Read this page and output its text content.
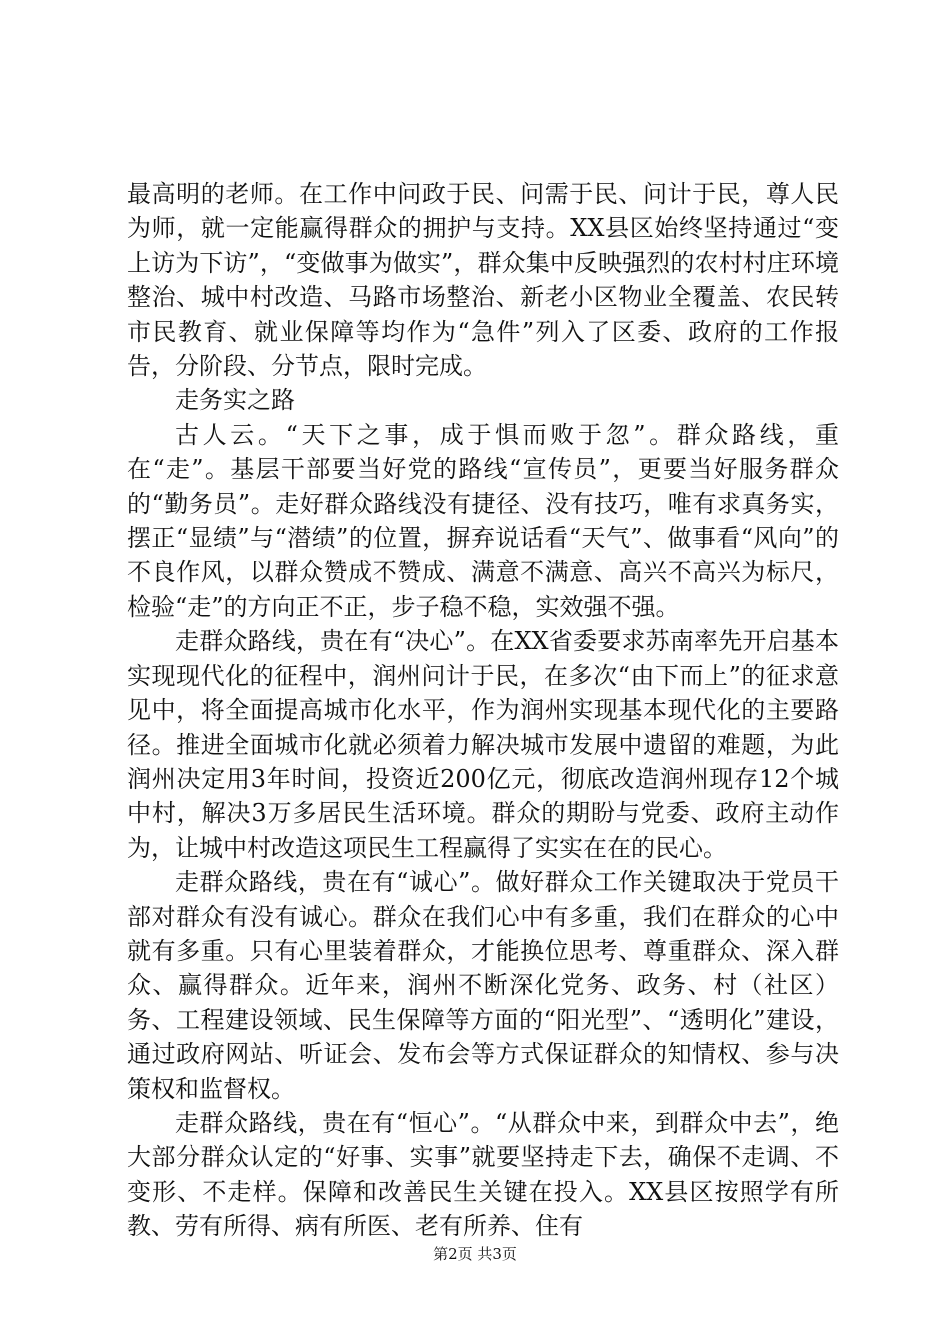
最高明的老师。在工作中问政于民、问需于民、问计于民，尊人民为师，就一定能赢得群众的拥护与支持。XX县区始终坚持通过“变上访为下访”，“变做事为做实”，群众集中反映强烈的农村村庄环境整治、城中村改造、马路市场整治、新老小区物业全覆盖、农民转市民教育、就业保障等均作为“急件”列入了区委、政府的工作报告，分阶段、分节点，限时完成。

走务实之路

古人云。“天下之事，成于惧而败于忽”。群众路线，重在“走”。基层干部要当好党的路线“宣传员”，更要当好服务群众的“勤务员”。走好群众路线没有捷径、没有技巧，唯有求真务实，摆正“显绩”与“潜绩”的位置，摒弃说话看“天气”、做事看“风向”的不良作风，以群众赞成不赞成、满意不满意、高兴不高兴为标尺，检验“走”的方向正不正，步子稳不稳，实效强不强。

走群众路线，贵在有“决心”。在XX省委要求苏南率先开启基本实现现代化的征程中，润州问计于民，在多次“由下而上”的征求意见中，将全面提高城市化水平，作为润州实现基本现代化的主要路径。推进全面城市化就必须着力解决城市发展中遗留的难题，为此润州决定用3年时间，投资近200亿元，彻底改造润州现存12个城中村，解决3万多居民生活环境。群众的期盼与党委、政府主动作为，让城中村改造这项民生工程赢得了实实在在的民心。

走群众路线，贵在有“诚心”。做好群众工作关键取决于党员干部对群众有没有诚心。群众在我们心中有多重，我们在群众的心中就有多重。只有心里装着群众，才能换位思考、尊重群众、深入群众、赢得群众。近年来，润州不断深化党务、政务、村（社区）务、工程建设领域、民生保障等方面的“阳光型”、“透明化”建设，通过政府网站、听证会、发布会等方式保证群众的知情权、参与决策权和监督权。

走群众路线，贵在有“恒心”。“从群众中来，到群众中去”，绝大部分群众认定的“好事、实事”就要坚持走下去，确保不走调、不变形、不走样。保障和改善民生关键在投入。XX县区按照学有所教、劳有所得、病有所医、老有所养、住有

第2页 共3页
